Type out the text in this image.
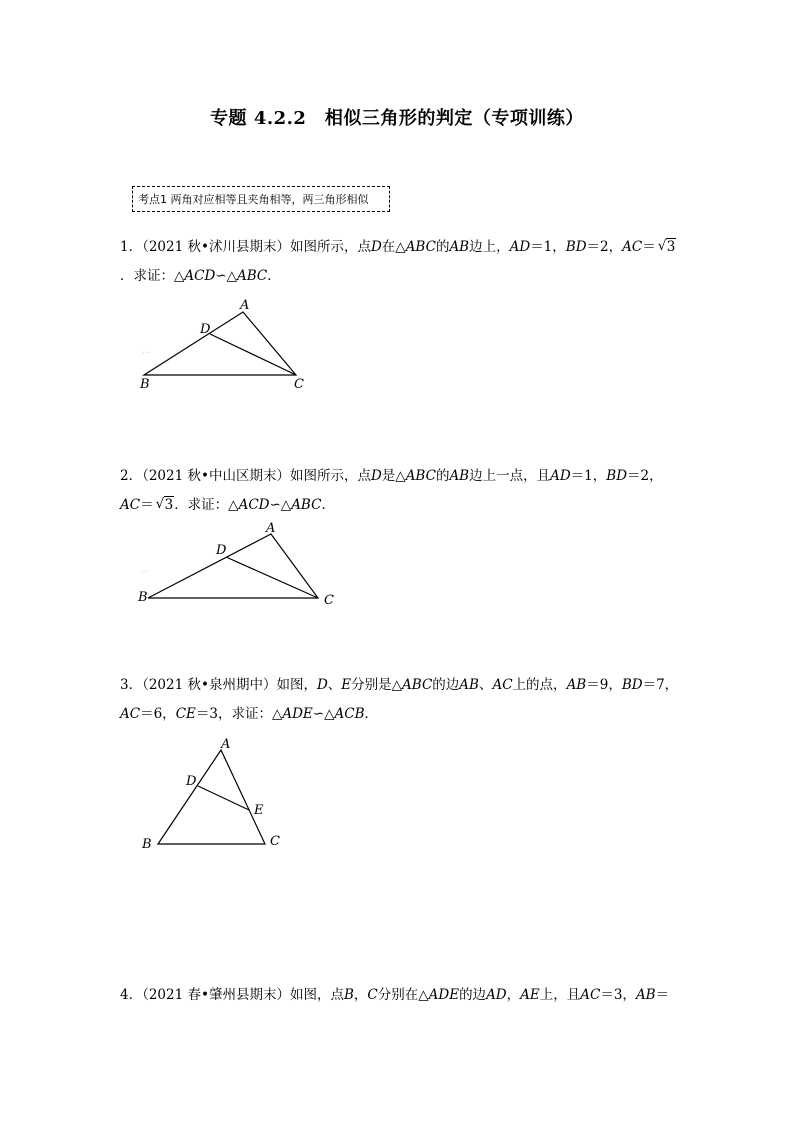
专题 4.2.2　相似三角形的判定（专项训练）
考点1 两角对应相等且夹角相等，两三角形相似
1．（2021 秋•沭川县期末）如图所示，点D在△ABC的AB边上，AD＝1，BD＝2，AC＝ √ 3
．求证：△ACD∽△ABC．
...
A
B	C
D
2．（2021 秋•中山区期末）如图所示，点D是△ABC的AB边上一点，且AD＝1，BD＝2，
AC＝ √ 3．求证：△ACD∽△ABC．
...
A
B	C
D
3．（2021 秋•泉州期中）如图，D、E分别是△ABC的边AB、AC上的点，AB＝9，BD＝7，
AC＝6，CE＝3，求证：△ADE∽△ACB．
A
B	C
D
E
4．（2021 春•肇州县期末）如图，点B，C分别在△ADE的边AD，AE上，且AC＝3，AB＝
